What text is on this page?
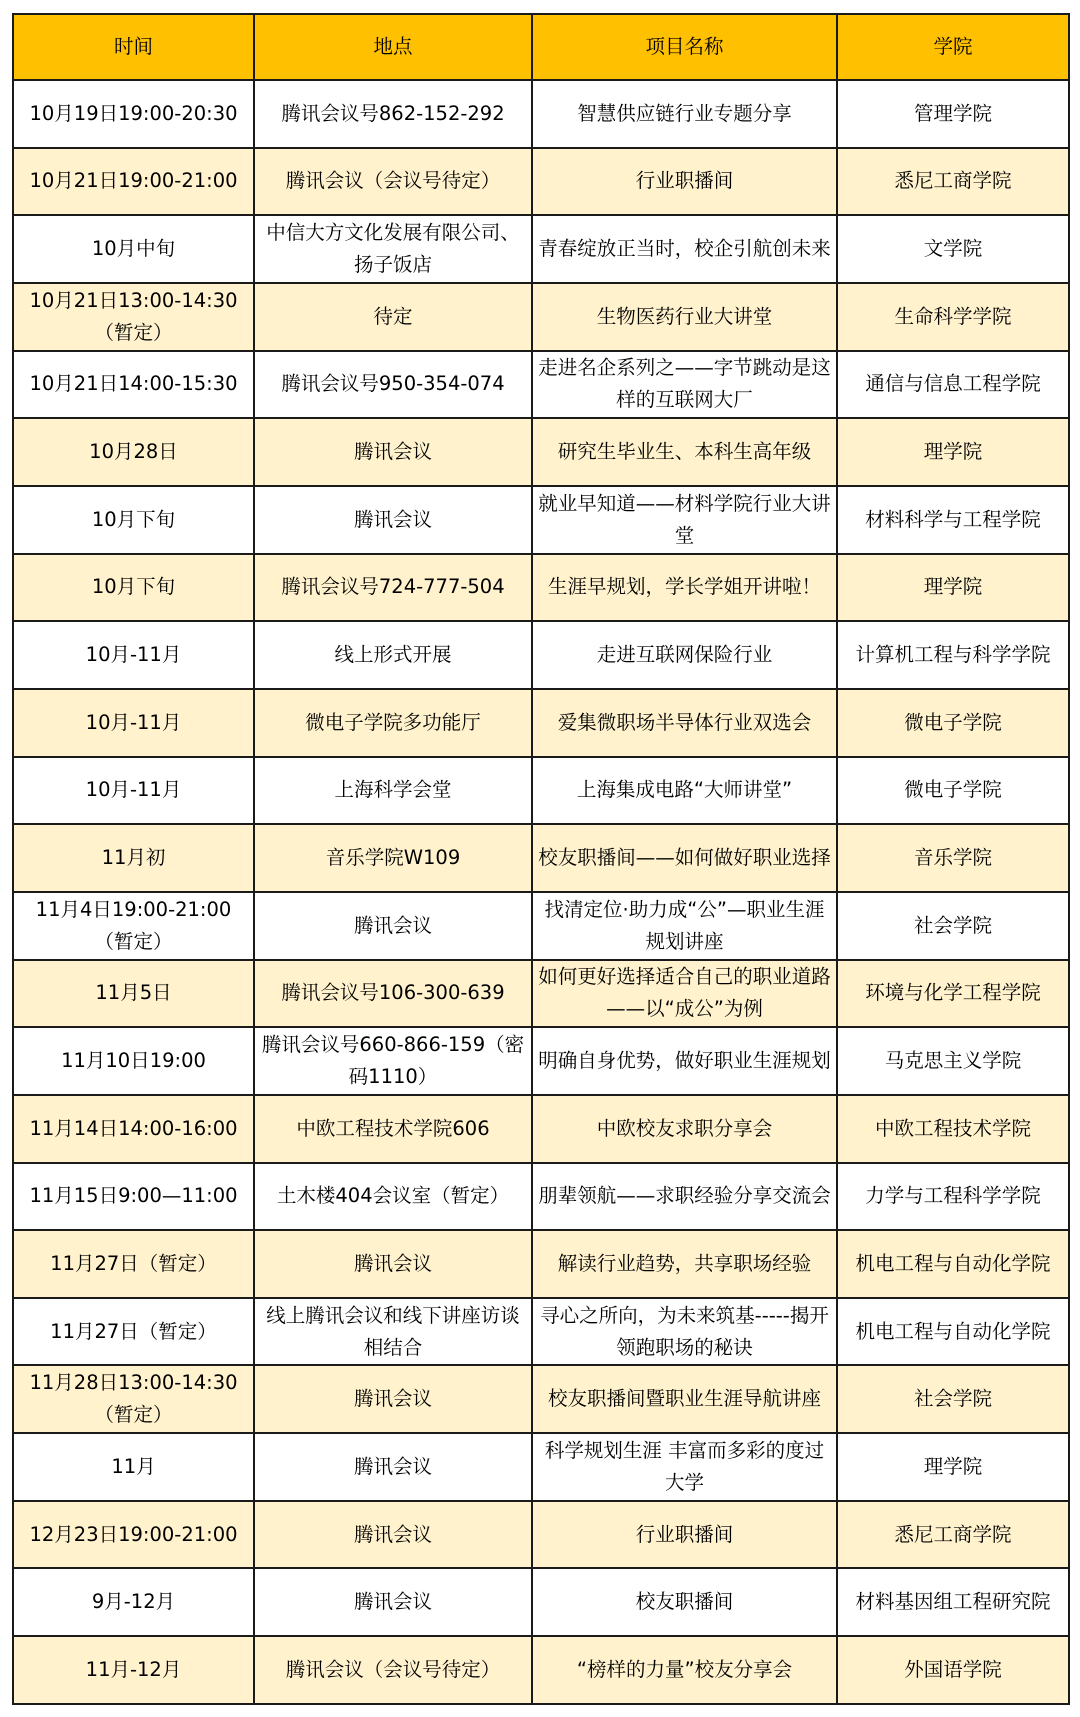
时间	地点	项目名称	学院
10月19日19:00-20:30	腾讯会议号862-152-292	智慧供应链行业专题分享	管理学院
10月21日19:00-21:00	腾讯会议（会议号待定）	行业职播间	悉尼工商学院
10月中旬	中信大方文化发展有限公司、扬子饭店	青春绽放正当时，校企引航创未来	文学院
10月21日13:00-14:30（暂定）	待定	生物医药行业大讲堂	生命科学学院
10月21日14:00-15:30	腾讯会议号950-354-074	走进名企系列之——字节跳动是这样的互联网大厂	通信与信息工程学院
10月28日	腾讯会议	研究生毕业生、本科生高年级	理学院
10月下旬	腾讯会议	就业早知道——材料学院行业大讲堂	材料科学与工程学院
10月下旬	腾讯会议号724-777-504	生涯早规划，学长学姐开讲啦！	理学院
10月-11月	线上形式开展	走进互联网保险行业	计算机工程与科学学院
10月-11月	微电子学院多功能厅	爱集微职场半导体行业双选会	微电子学院
10月-11月	上海科学会堂	上海集成电路“大师讲堂”	微电子学院
11月初	音乐学院W109	校友职播间——如何做好职业选择	音乐学院
11月4日19:00-21:00（暂定）	腾讯会议	找清定位·助力成“公”—职业生涯规划讲座	社会学院
11月5日	腾讯会议号106-300-639	如何更好选择适合自己的职业道路——以“成公”为例	环境与化学工程学院
11月10日19:00	腾讯会议号660-866-159（密码1110）	明确自身优势，做好职业生涯规划	马克思主义学院
11月14日14:00-16:00	中欧工程技术学院606	中欧校友求职分享会	中欧工程技术学院
11月15日9:00—11:00	土木楼404会议室（暂定）	朋辈领航——求职经验分享交流会	力学与工程科学学院
11月27日（暂定）	腾讯会议	解读行业趋势，共享职场经验	机电工程与自动化学院
11月27日（暂定）	线上腾讯会议和线下讲座访谈相结合	寻心之所向，为未来筑基-----揭开领跑职场的秘诀	机电工程与自动化学院
11月28日13:00-14:30（暂定）	腾讯会议	校友职播间暨职业生涯导航讲座	社会学院
11月	腾讯会议	科学规划生涯 丰富而多彩的度过大学	理学院
12月23日19:00-21:00	腾讯会议	行业职播间	悉尼工商学院
9月-12月	腾讯会议	校友职播间	材料基因组工程研究院
11月-12月	腾讯会议（会议号待定）	“榜样的力量”校友分享会	外国语学院
